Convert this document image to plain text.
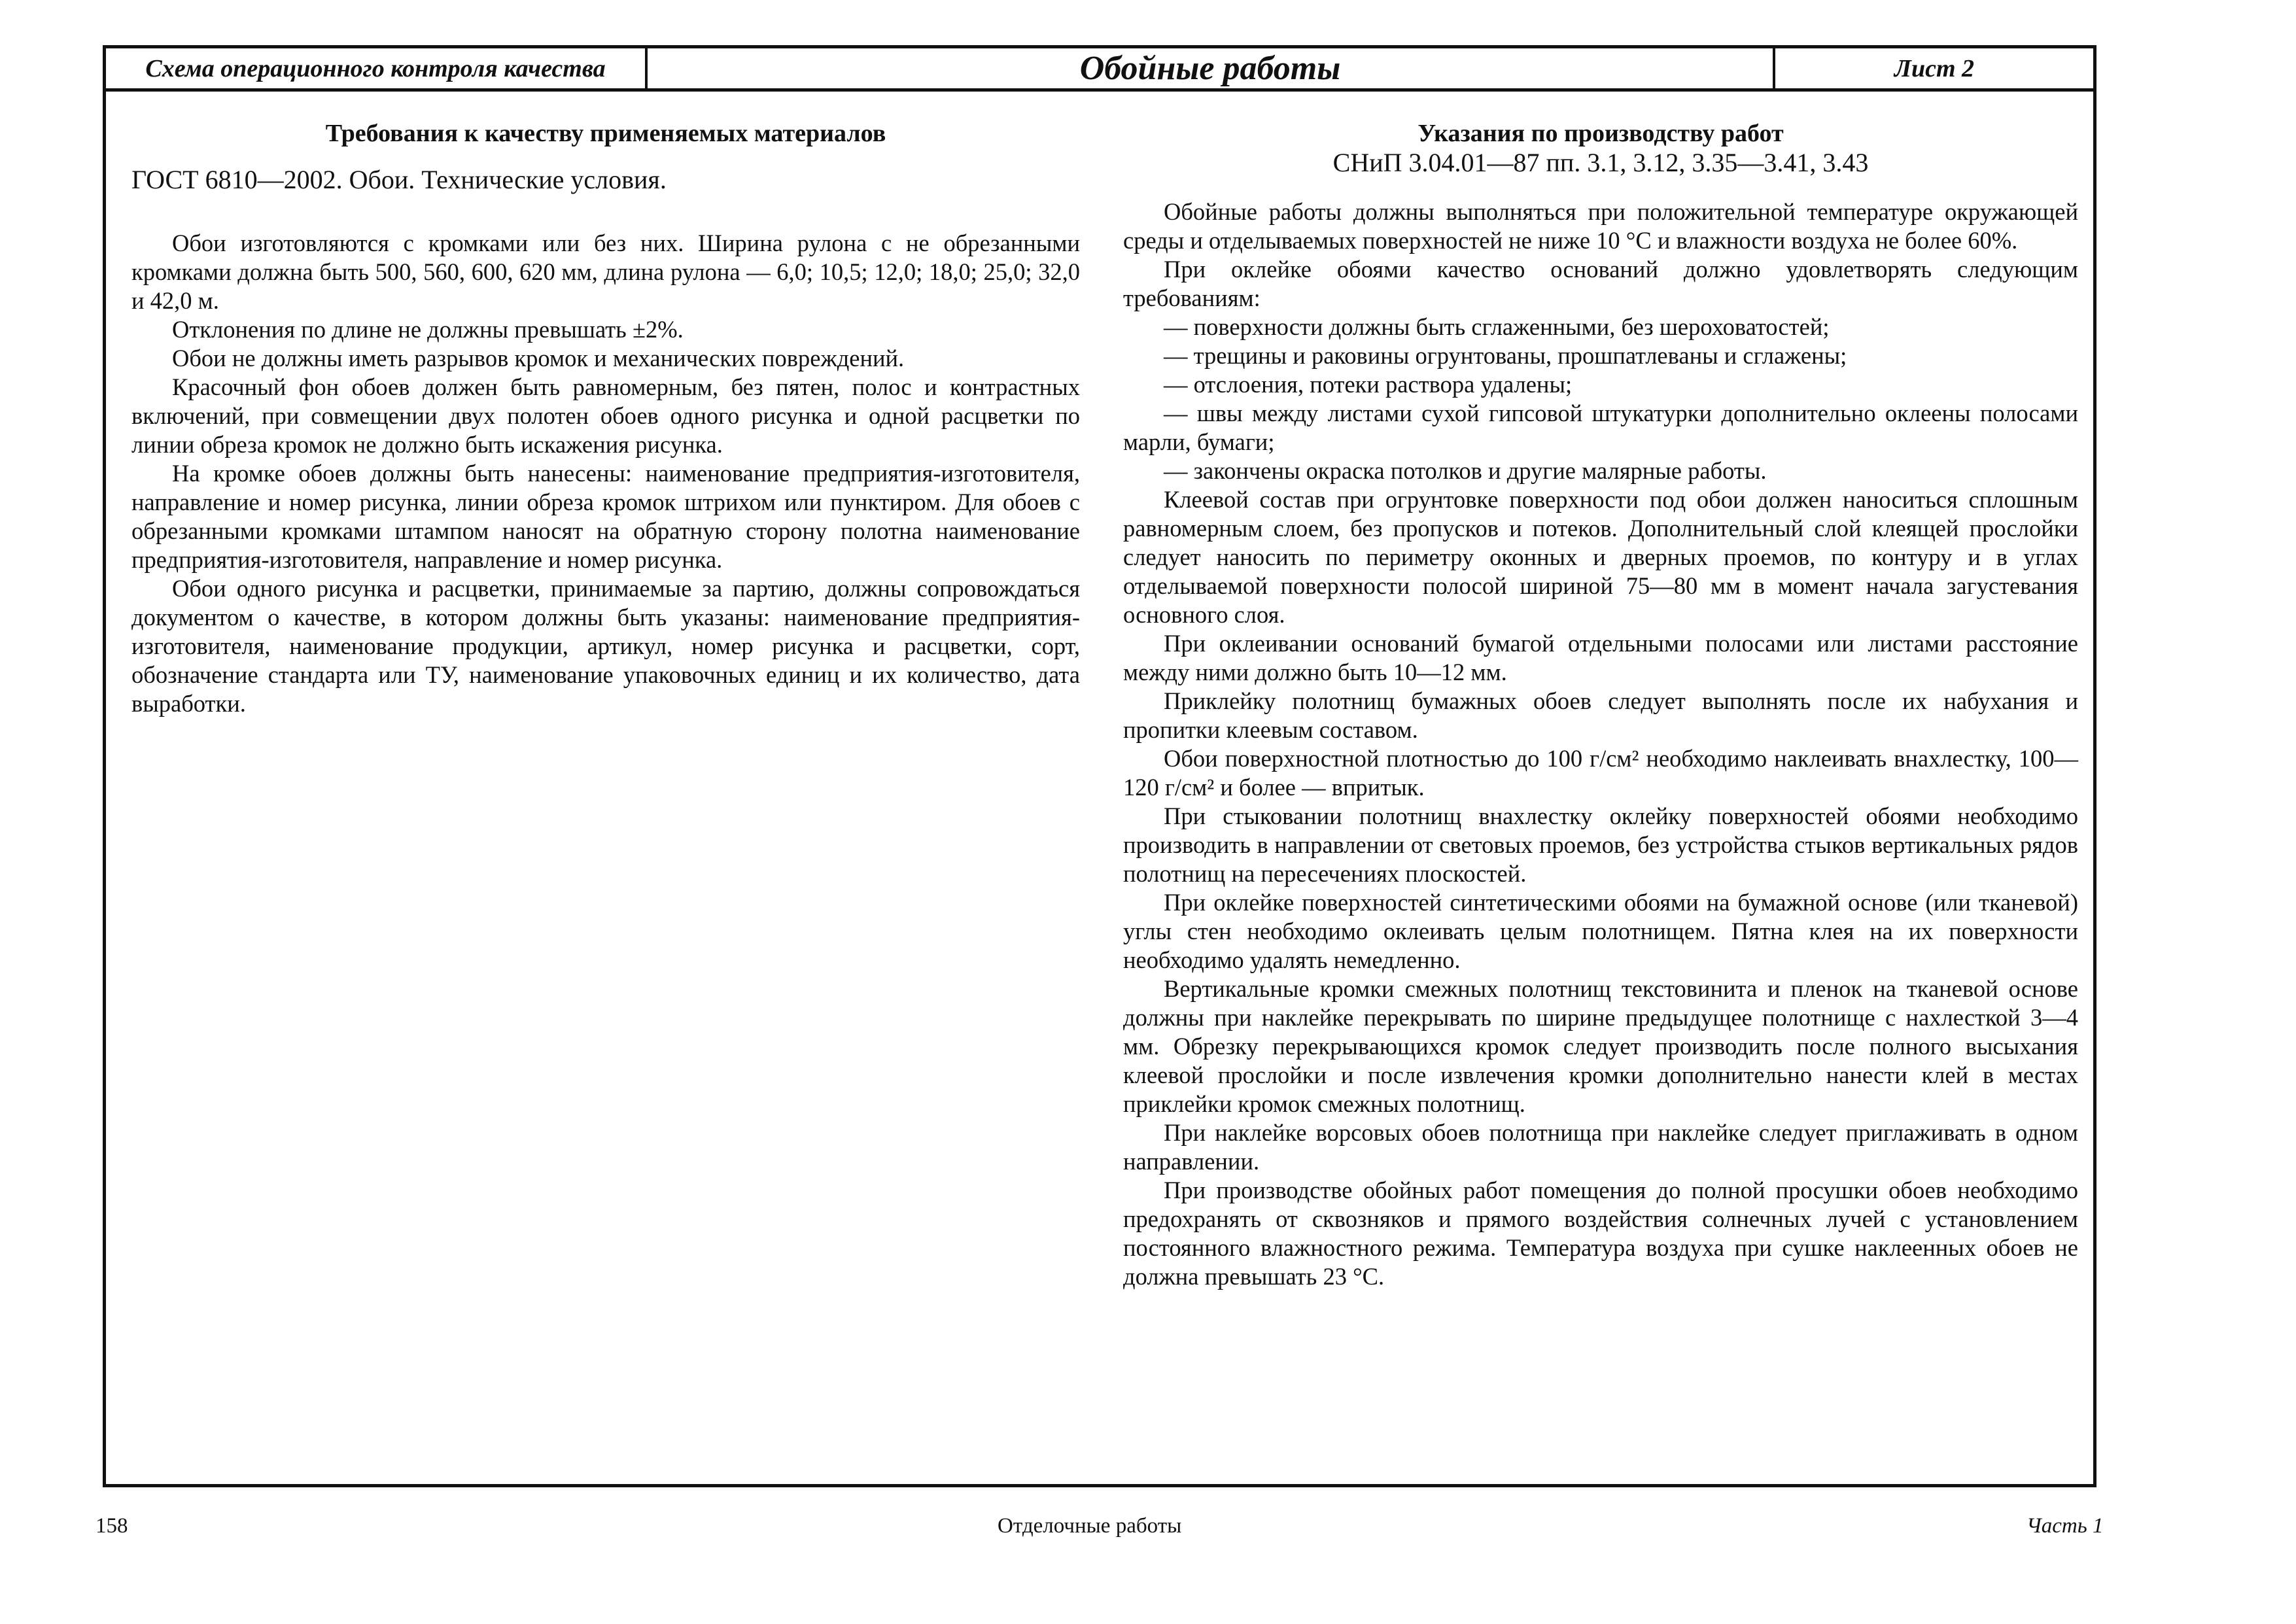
Схема операционного контроля качества	Обойные работы	Лист 2
Требования к качеству применяемых материалов
ГОСТ 6810—2002. Обои. Технические условия.

Обои изготовляются с кромками или без них. Ширина рулона с не обрезанными кромками должна быть 500, 560, 600, 620 мм, длина рулона — 6,0; 10,5; 12,0; 18,0; 25,0; 32,0 и 42,0 м.

Отклонения по длине не должны превышать ±2%.

Обои не должны иметь разрывов кромок и механических повреждений.

Красочный фон обоев должен быть равномерным, без пятен, полос и контрастных включений, при совмещении двух полотен обоев одного рисунка и одной расцветки по линии обреза кромок не должно быть искажения рисунка.

На кромке обоев должны быть нанесены: наименование предприятия-изготовителя, направление и номер рисунка, линии обреза кромок штрихом или пунктиром. Для обоев с обрезанными кромками штампом наносят на обратную сторону полотна наименование предприятия-изготовителя, направление и номер рисунка.

Обои одного рисунка и расцветки, принимаемые за партию, должны сопровождаться документом о качестве, в котором должны быть указаны: наименование предприятия-изготовителя, наименование продукции, артикул, номер рисунка и расцветки, сорт, обозначение стандарта или ТУ, наименование упаковочных единиц и их количество, дата выработки.

Указания по производству работ
СНиП 3.04.01—87 пп. 3.1, 3.12, 3.35—3.41, 3.43

Обойные работы должны выполняться при положительной температуре окружающей среды и отделываемых поверхностей не ниже 10 °С и влажности воздуха не более 60%.

При оклейке обоями качество оснований должно удовлетворять следующим требованиям:

— поверхности должны быть сглаженными, без шероховатостей;

— трещины и раковины огрунтованы, прошпатлеваны и сглажены;

— отслоения, потеки раствора удалены;

— швы между листами сухой гипсовой штукатурки дополнительно оклеены полосами марли, бумаги;

— закончены окраска потолков и другие малярные работы.

Клеевой состав при огрунтовке поверхности под обои должен наноситься сплошным равномерным слоем, без пропусков и потеков. Дополнительный слой клеящей прослойки следует наносить по периметру оконных и дверных проемов, по контуру и в углах отделываемой поверхности полосой шириной 75—80 мм в момент начала загустевания основного слоя.

При оклеивании оснований бумагой отдельными полосами или листами расстояние между ними должно быть 10—12 мм.

Приклейку полотнищ бумажных обоев следует выполнять после их набухания и пропитки клеевым составом.

Обои поверхностной плотностью до 100 г/см² необходимо наклеивать внахлестку, 100—120 г/см² и более — впритык.

При стыковании полотнищ внахлестку оклейку поверхностей обоями необходимо производить в направлении от световых проемов, без устройства стыков вертикальных рядов полотнищ на пересечениях плоскостей.

При оклейке поверхностей синтетическими обоями на бумажной основе (или тканевой) углы стен необходимо оклеивать целым полотнищем. Пятна клея на их поверхности необходимо удалять немедленно.

Вертикальные кромки смежных полотнищ текстовинита и пленок на тканевой основе должны при наклейке перекрывать по ширине предыдущее полотнище с нахлесткой 3—4 мм. Обрезку перекрывающихся кромок следует производить после полного высыхания клеевой прослойки и после извлечения кромки дополнительно нанести клей в местах приклейки кромок смежных полотнищ.

При наклейке ворсовых обоев полотнища при наклейке следует приглаживать в одном направлении.

При производстве обойных работ помещения до полной просушки обоев необходимо предохранять от сквозняков и прямого воздействия солнечных лучей с установлением постоянного влажностного режима. Температура воздуха при сушке наклеенных обоев не должна превышать 23 °С.

158	Отделочные работы	Часть 1
